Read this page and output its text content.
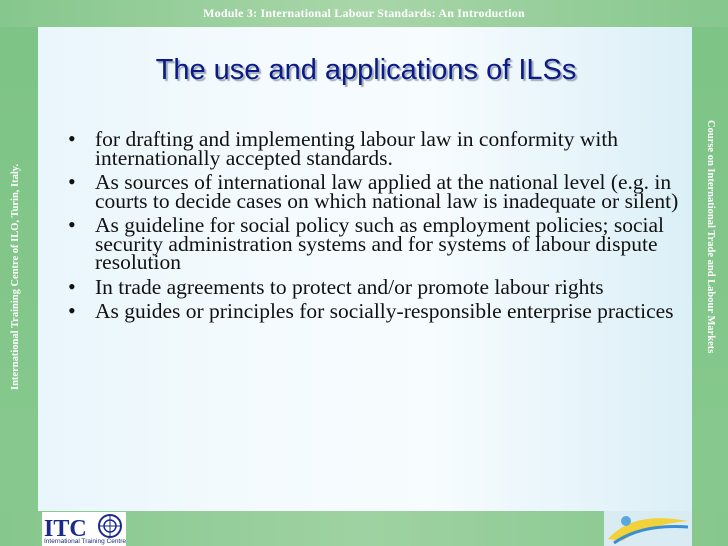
Module 3: International Labour Standards: An Introduction
International Training Centre of ILO, Turin, Italy.	Course on International Trade and Labour Markets
The use and applications of ILSs
• for drafting and implementing labour law in conformity with internationally accepted standards.
• As sources of international law applied at the national level (e.g. in courts to decide cases on which national law is inadequate or silent)
• As guideline for social policy such as employment policies; social security administration systems and for systems of labour dispute resolution
• In trade agreements to protect and/or promote labour rights
• As guides or principles for socially-responsible enterprise practices
ITC
International Training Centre
